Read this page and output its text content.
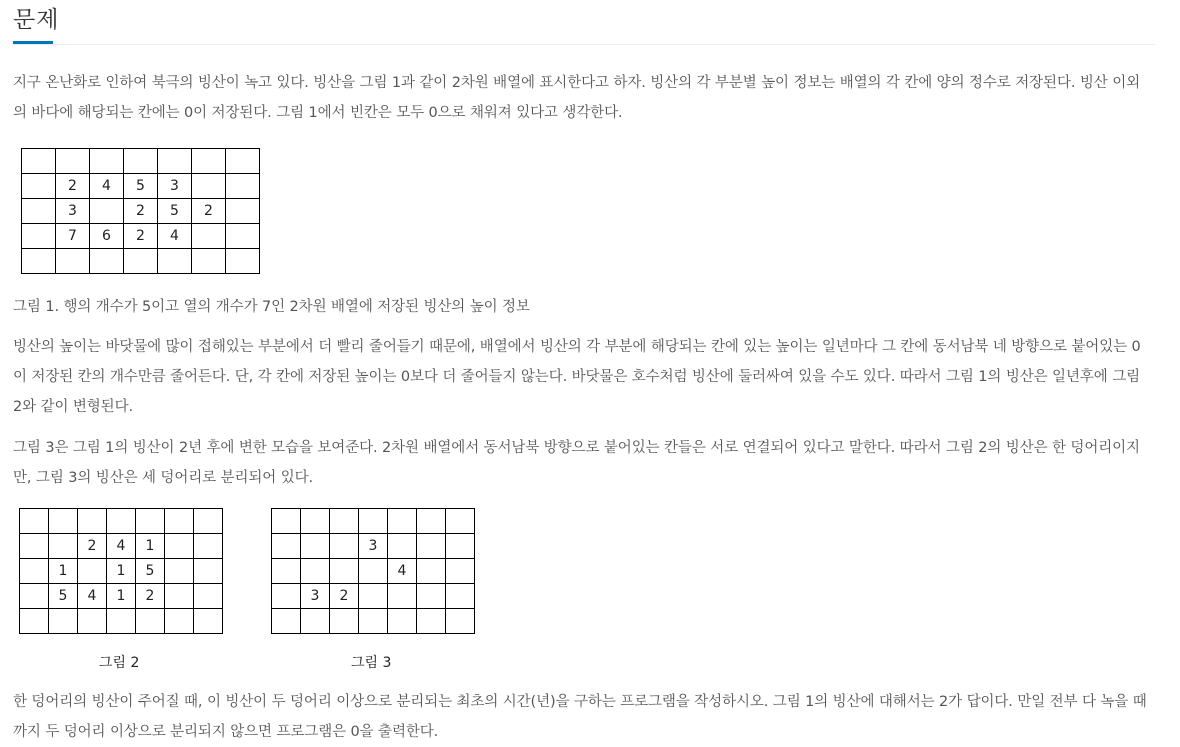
문제

지구 온난화로 인하여 북극의 빙산이 녹고 있다. 빙산을 그림 1과 같이 2차원 배열에 표시한다고 하자. 빙산의 각 부분별 높이 정보는 배열의 각 칸에 양의 정수로 저장된다. 빙산 이외의 바다에 해당되는 칸에는 0이 저장된다. 그림 1에서 빈칸은 모두 0으로 채워져 있다고 생각한다.

	2	4	5	3		
	3		2	5	2	
	7	6	2	4		

그림 1. 행의 개수가 5이고 열의 개수가 7인 2차원 배열에 저장된 빙산의 높이 정보

빙산의 높이는 바닷물에 많이 접해있는 부분에서 더 빨리 줄어들기 때문에, 배열에서 빙산의 각 부분에 해당되는 칸에 있는 높이는 일년마다 그 칸에 동서남북 네 방향으로 붙어있는 0이 저장된 칸의 개수만큼 줄어든다. 단, 각 칸에 저장된 높이는 0보다 더 줄어들지 않는다. 바닷물은 호수처럼 빙산에 둘러싸여 있을 수도 있다. 따라서 그림 1의 빙산은 일년후에 그림 2와 같이 변형된다.

그림 3은 그림 1의 빙산이 2년 후에 변한 모습을 보여준다. 2차원 배열에서 동서남북 방향으로 붙어있는 칸들은 서로 연결되어 있다고 말한다. 따라서 그림 2의 빙산은 한 덩어리이지만, 그림 3의 빙산은 세 덩어리로 분리되어 있다.

		2	4	1		
	1		1	5		
	5	4	1	2		

			3			
				4		
	3	2				

그림 2	그림 3

한 덩어리의 빙산이 주어질 때, 이 빙산이 두 덩어리 이상으로 분리되는 최초의 시간(년)을 구하는 프로그램을 작성하시오. 그림 1의 빙산에 대해서는 2가 답이다. 만일 전부 다 녹을 때까지 두 덩어리 이상으로 분리되지 않으면 프로그램은 0을 출력한다.
